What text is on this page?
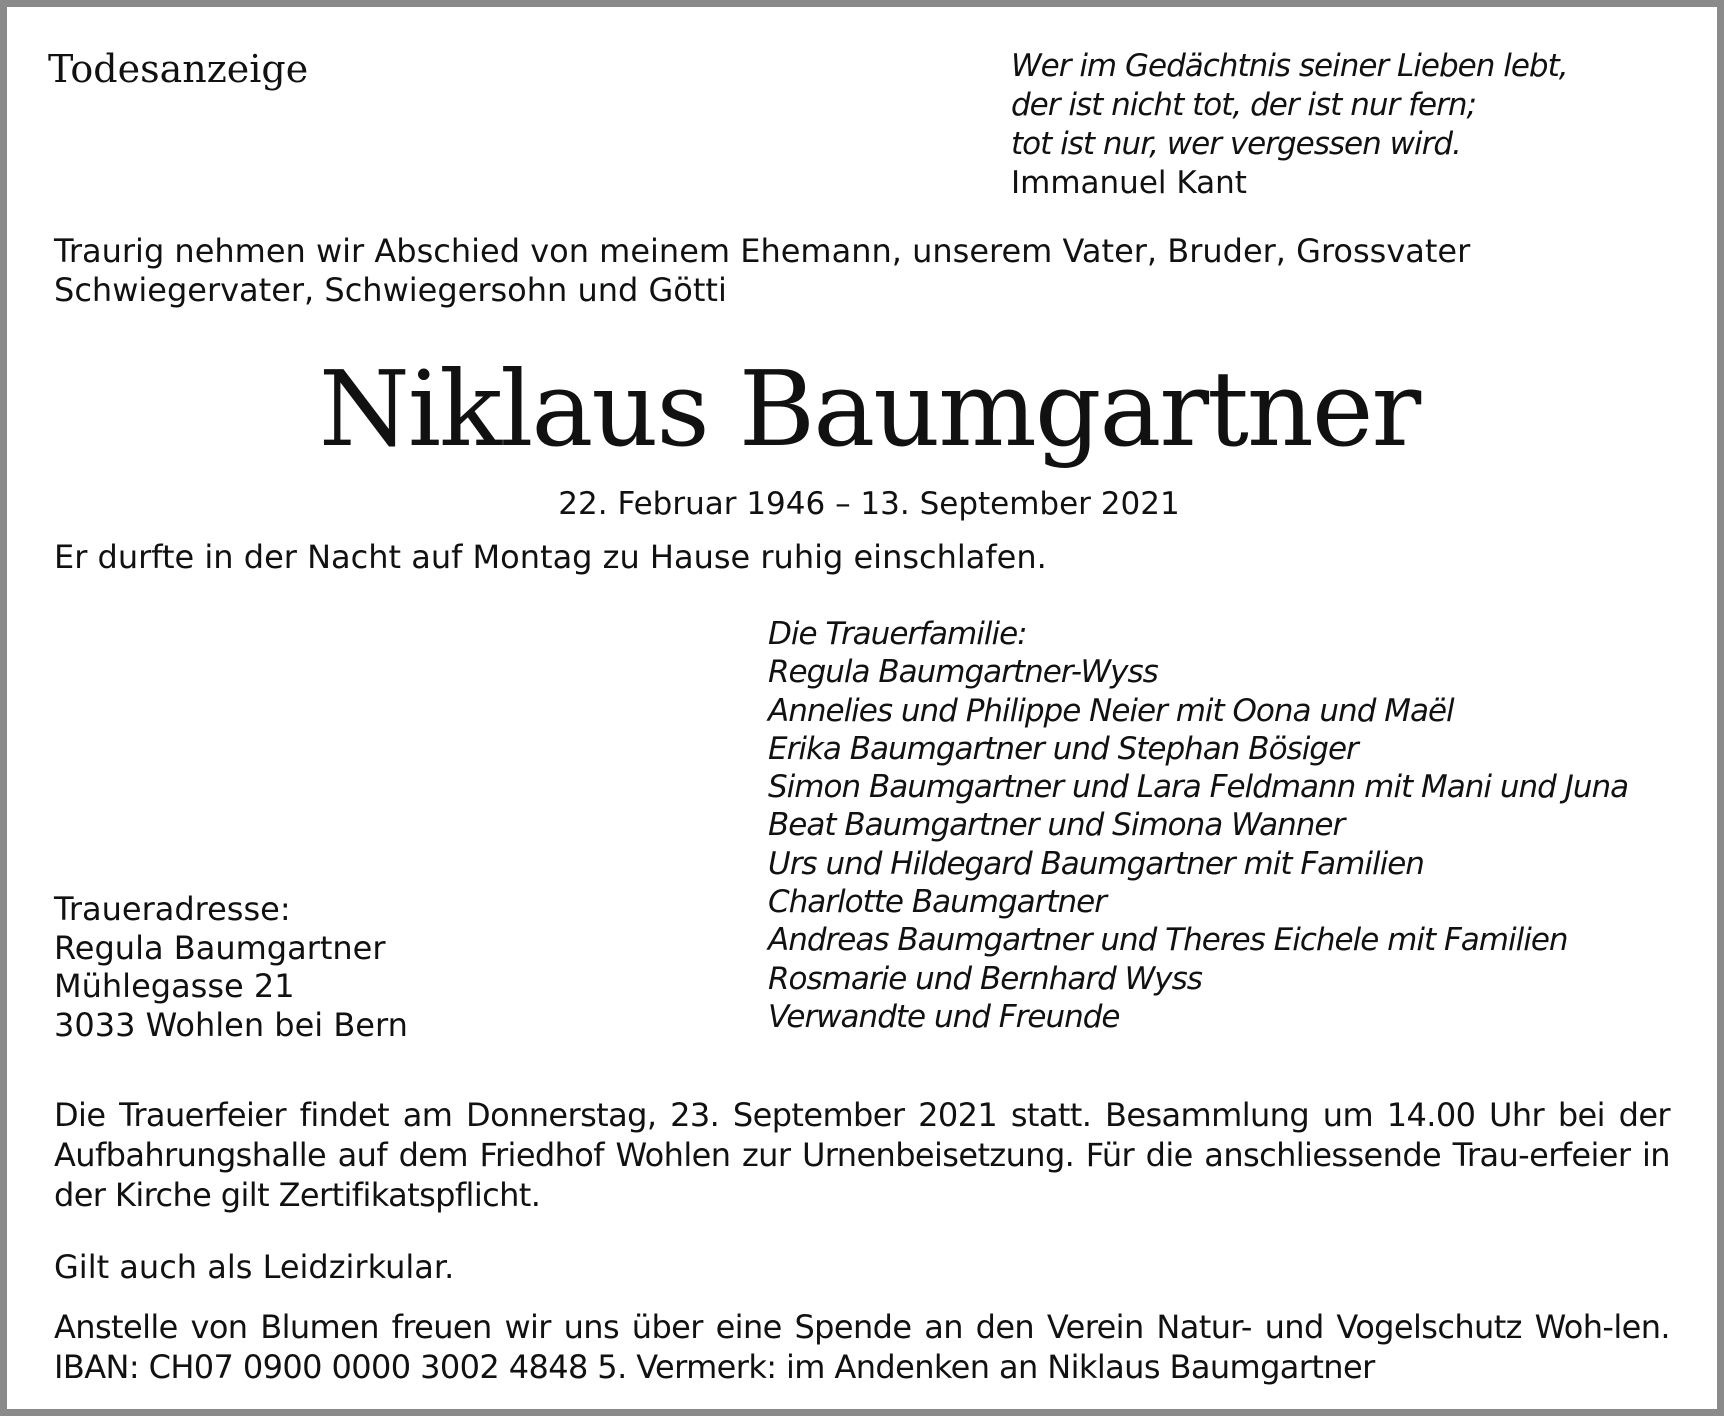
Todesanzeige	Wer im Gedächtnis seiner Lieben lebt,
der ist nicht tot, der ist nur fern;
tot ist nur, wer vergessen wird.
Immanuel Kant
Traurig nehmen wir Abschied von meinem Ehemann, unserem Vater, Bruder, Grossvater
Schwiegervater, Schwiegersohn und Götti
Niklaus Baumgartner
22. Februar 1946 – 13. September 2021
Er durfte in der Nacht auf Montag zu Hause ruhig einschlafen.
Die Trauerfamilie:
Regula Baumgartner-Wyss
Annelies und Philippe Neier mit Oona und Maël
Erika Baumgartner und Stephan Bösiger
Simon Baumgartner und Lara Feldmann mit Mani und Juna
Beat Baumgartner und Simona Wanner
Urs und Hildegard Baumgartner mit Familien
Charlotte Baumgartner
Andreas Baumgartner und Theres Eichele mit Familien
Rosmarie und Bernhard Wyss
Verwandte und Freunde
Traueradresse:
Regula Baumgartner
Mühlegasse 21
3033 Wohlen bei Bern

Die Trauerfeier findet am Donnerstag, 23. September 2021 statt. Besammlung um 14.00 Uhr bei der Aufbahrungshalle auf dem Friedhof Wohlen zur Urnenbeisetzung. Für die anschliessende Trau-erfeier in der Kirche gilt Zertifikatspflicht.

Gilt auch als Leidzirkular.

Anstelle von Blumen freuen wir uns über eine Spende an den Verein Natur- und Vogelschutz Woh-len. IBAN: CH07 0900 0000 3002 4848 5. Vermerk: im Andenken an Niklaus Baumgartner
